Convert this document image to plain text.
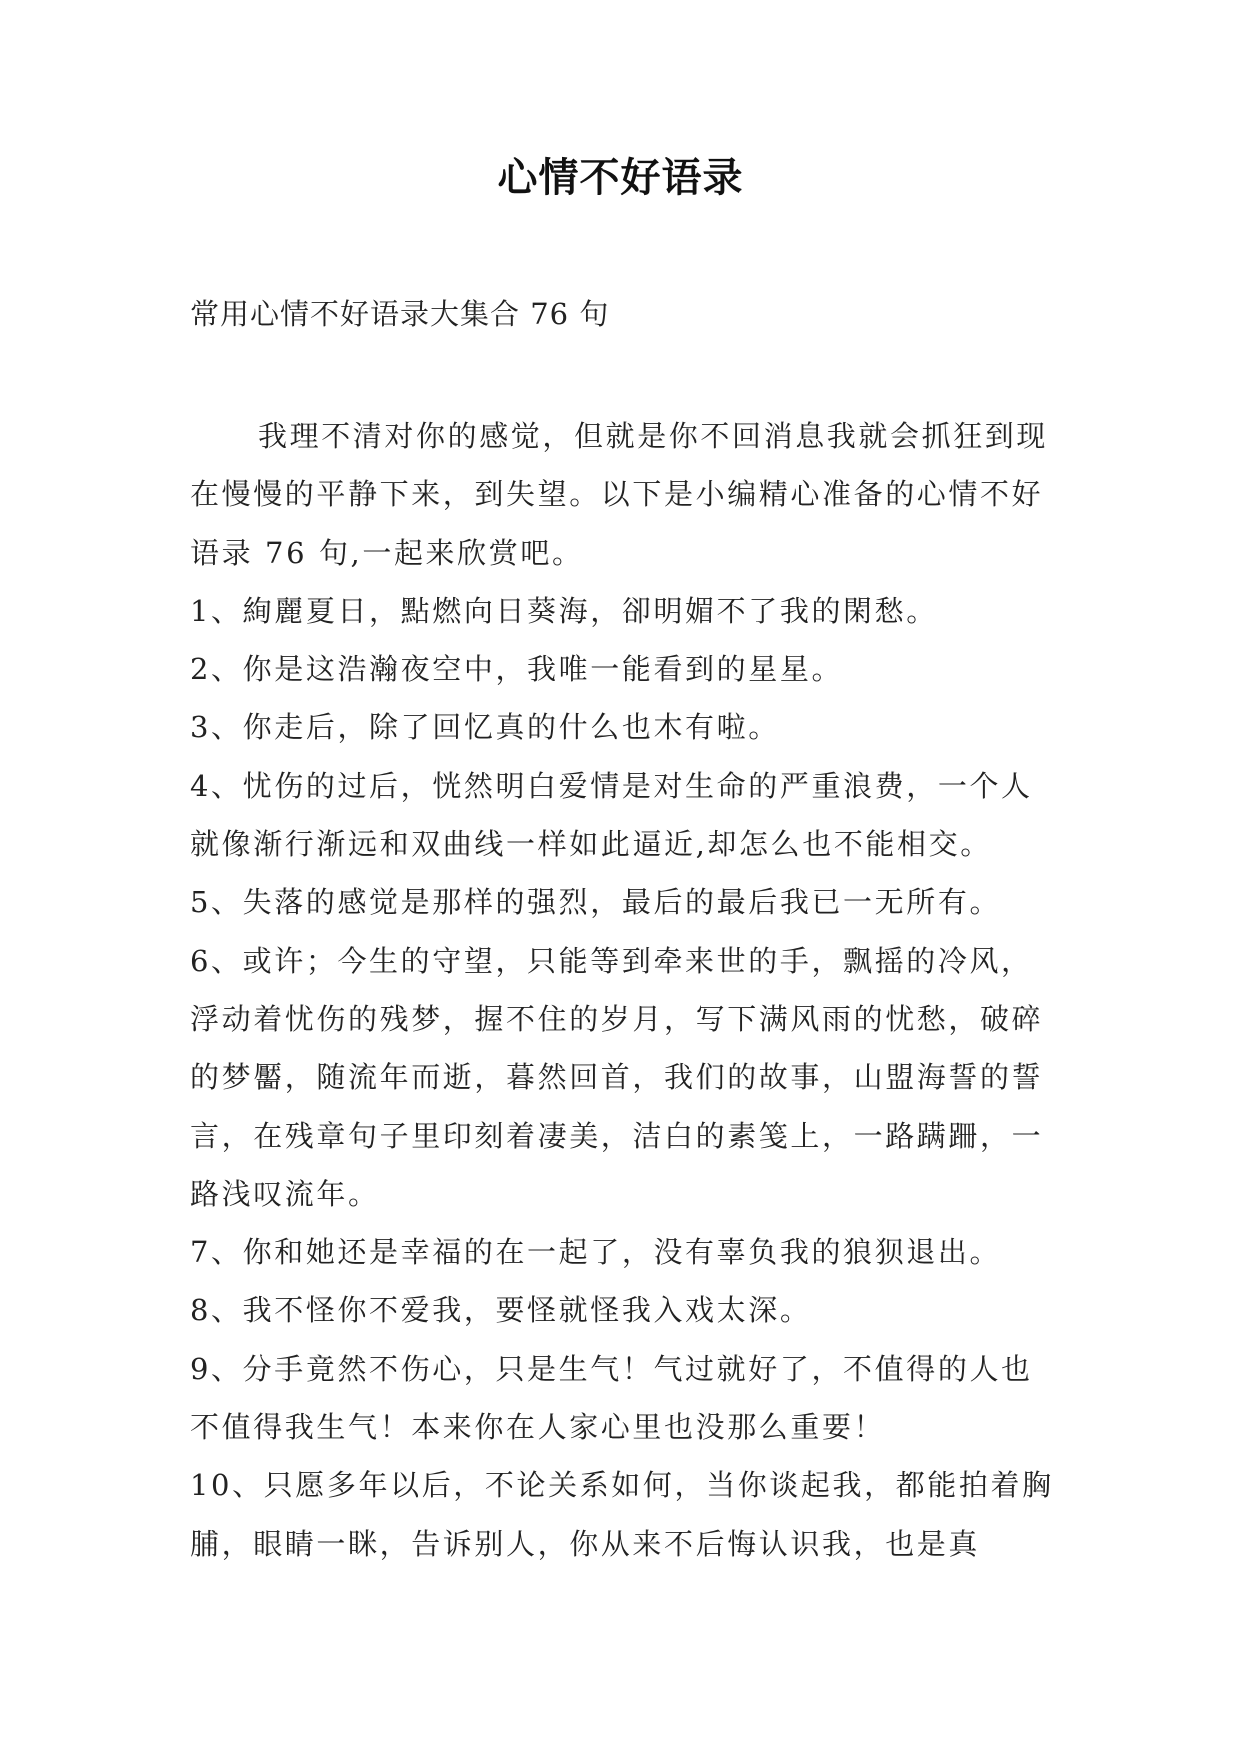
心情不好语录

常用心情不好语录大集合 76 句

我理不清对你的感觉，但就是你不回消息我就会抓狂到现在慢慢的平静下来，到失望。以下是小编精心准备的心情不好语录 76 句,一起来欣赏吧。

1、絢麗夏日，點燃向日葵海，卻明媚不了我的閑愁。

2、你是这浩瀚夜空中，我唯一能看到的星星。

3、你走后，除了回忆真的什么也木有啦。

4、忧伤的过后，恍然明白爱情是对生命的严重浪费，一个人就像渐行渐远和双曲线一样如此逼近,却怎么也不能相交。

5、失落的感觉是那样的强烈，最后的最后我已一无所有。

6、或许；今生的守望，只能等到牵来世的手，飘摇的冷风，浮动着忧伤的残梦，握不住的岁月，写下满风雨的忧愁，破碎的梦靨，随流年而逝，暮然回首，我们的故事，山盟海誓的誓言，在残章句子里印刻着凄美，洁白的素笺上，一路蹒跚，一路浅叹流年。

7、你和她还是幸福的在一起了，没有辜负我的狼狈退出。

8、我不怪你不爱我，要怪就怪我入戏太深。

9、分手竟然不伤心，只是生气！气过就好了，不值得的人也不值得我生气！本来你在人家心里也没那么重要！

10、只愿多年以后，不论关系如何，当你谈起我，都能拍着胸脯，眼睛一眯，告诉别人，你从来不后悔认识我，也是真
